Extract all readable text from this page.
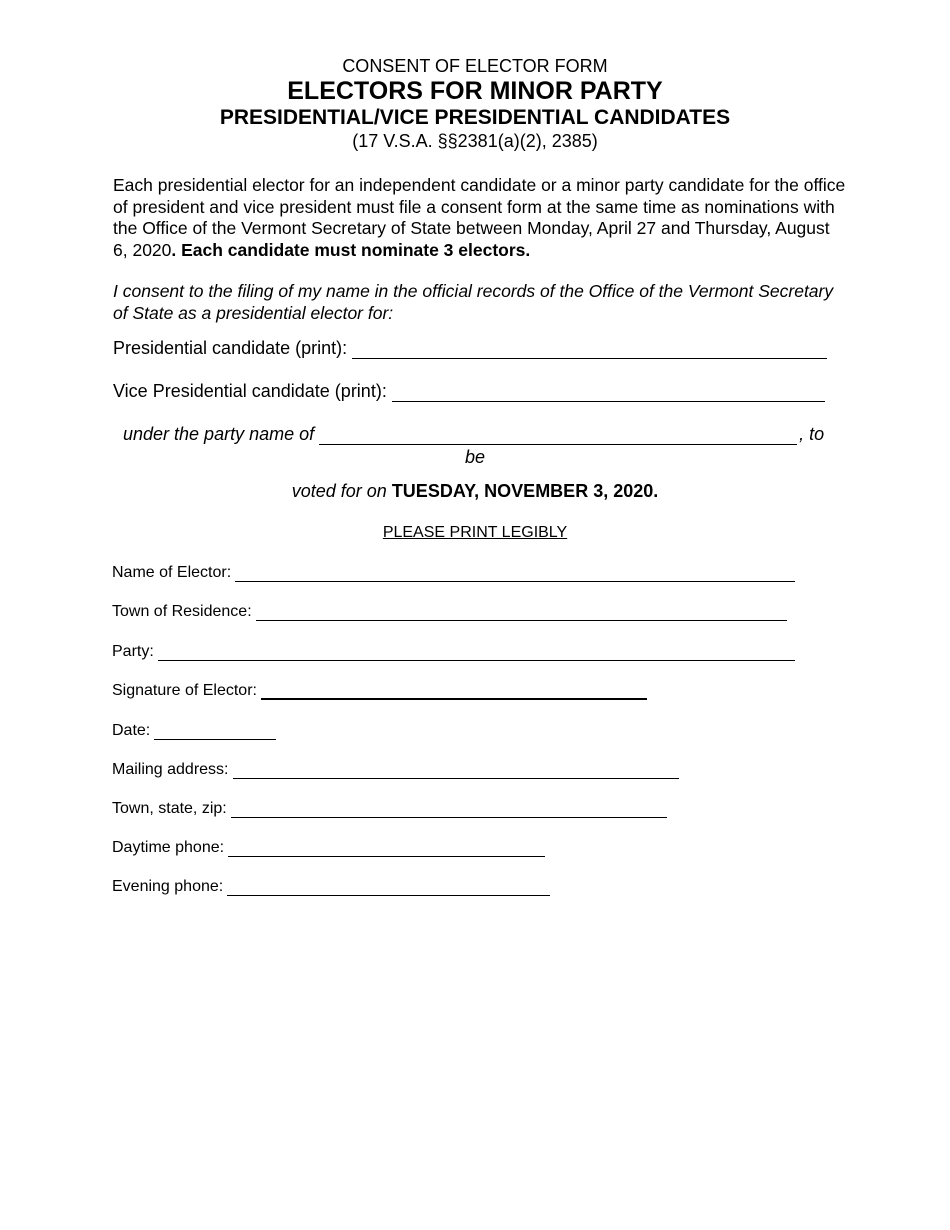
CONSENT OF ELECTOR FORM
ELECTORS FOR MINOR PARTY
PRESIDENTIAL/VICE PRESIDENTIAL CANDIDATES
(17 V.S.A. §§2381(a)(2), 2385)
Each presidential elector for an independent candidate or a minor party candidate for the office of president and vice president must file a consent form at the same time as nominations with the Office of the Vermont Secretary of State between Monday, April 27 and Thursday, August 6, 2020. Each candidate must nominate 3 electors.
I consent to the filing of my name in the official records of the Office of the Vermont Secretary of State as a presidential elector for:
Presidential candidate (print):
Vice Presidential candidate (print):
under the party name of	, to
be
voted for on TUESDAY, NOVEMBER 3, 2020.
PLEASE PRINT LEGIBLY
Name of Elector:
Town of Residence:
Party:
Signature of Elector:
Date:
Mailing address:
Town, state, zip:
Daytime phone:
Evening phone:
